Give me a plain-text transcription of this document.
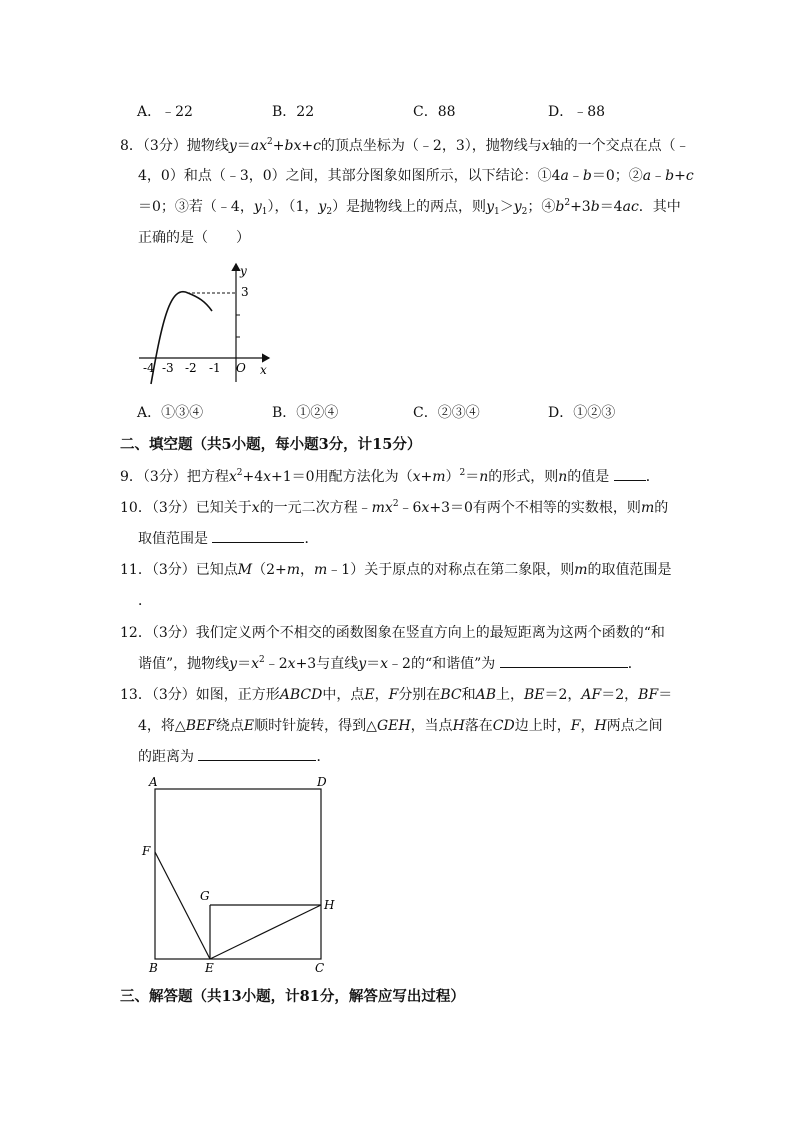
A．﹣22	B．22	C．88	D．﹣88
8．（3分）抛物线$y=ax^2+bx+c$的顶点坐标为（﹣2，3），抛物线与x轴的一个交点在点（﹣
4，0）和点（﹣3，0）之间，其部分图象如图所示，以下结论：①4a﹣b＝0；②a﹣b+c
＝0；③若（﹣4，$y_1$），（1，$y_2$）是抛物线上的两点，则$y_1>y_2$；$④b^2+3b=4ac$．其中
正确的是（　　）
y
3
-4 -3 -2 -1 O x
A．①③④	B．①②④	C．②③④	D．①②③
二、填空题（共5小题，每小题3分，计15分）
9．（3分）把方程$x^2+4x+1=0$用配方法化为$(x+m)^2=n$的形式，则n的值是	．
10．（3分）已知关于x的一元二次方程$﹣mx^2﹣6x+3=0$有两个不相等的实数根，则m的
取值范围是	．
11．（3分）已知点M（2+m，m﹣1）关于原点的对称点在第二象限，则m的取值范围是
．
12．（3分）我们定义两个不相交的函数图象在竖直方向上的最短距离为这两个函数的“和
谐值”，抛物线$y=x^2﹣2x+3$与直线y＝x﹣2的“和谐值”为	．
13．（3分）如图，正方形ABCD中，点E，F分别在BC和AB上，BE＝2，AF＝2，BF＝
4，将△BEF绕点E顺时针旋转，得到△GEH，当点H落在CD边上时，F，H两点之间
的距离为	．
A	D
F
G
H
B	E	C
三、解答题（共13小题，计81分，解答应写出过程）
